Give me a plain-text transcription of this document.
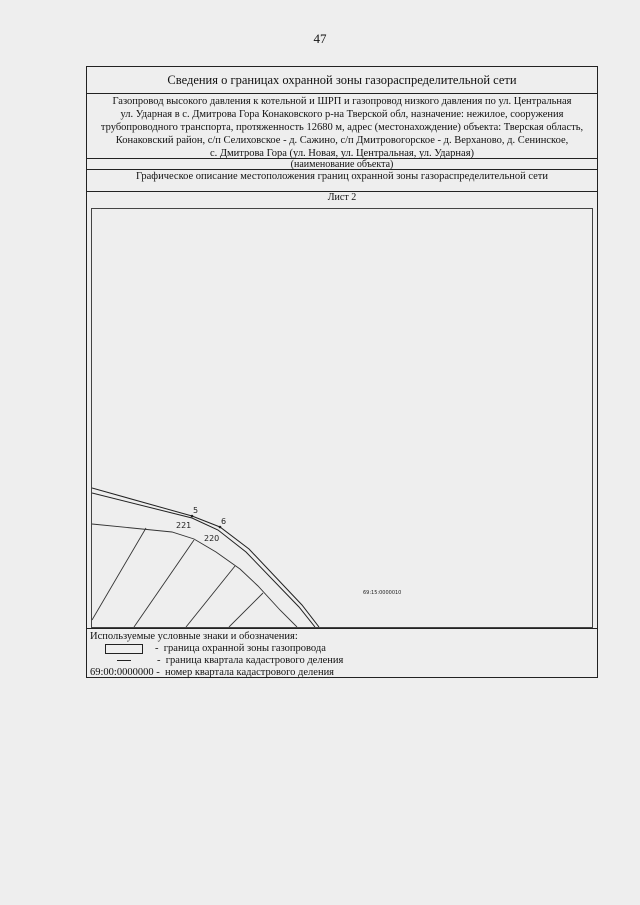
47
Сведения о границах охранной зоны газораспределительной сети
Газопровод высокого давления к котельной и ШРП и газопровод низкого давления по ул. Центральная
ул. Ударная в с. Дмитрова Гора Конаковского р-на Тверской обл, назначение: нежилое, сооружения
трубопроводного транспорта, протяженность 12680 м, адрес (местонахождение) объекта: Тверская область,
Конаковский район, с/п Селиховское - д. Сажино, с/п Дмитровогорское - д. Верханово, д. Сенинское,
с. Дмитрова Гора (ул. Новая, ул. Центральная, ул. Ударная)
(наименование объекта)
Графическое описание местоположения границ охранной зоны газораспределительной сети
Лист 2
5
6
221
220
69:15:0000010
Используемые условные знаки и обозначения:
- граница охранной зоны газопровода
- граница квартала кадастрового деления
69:00:0000000 - номер квартала кадастрового деления
